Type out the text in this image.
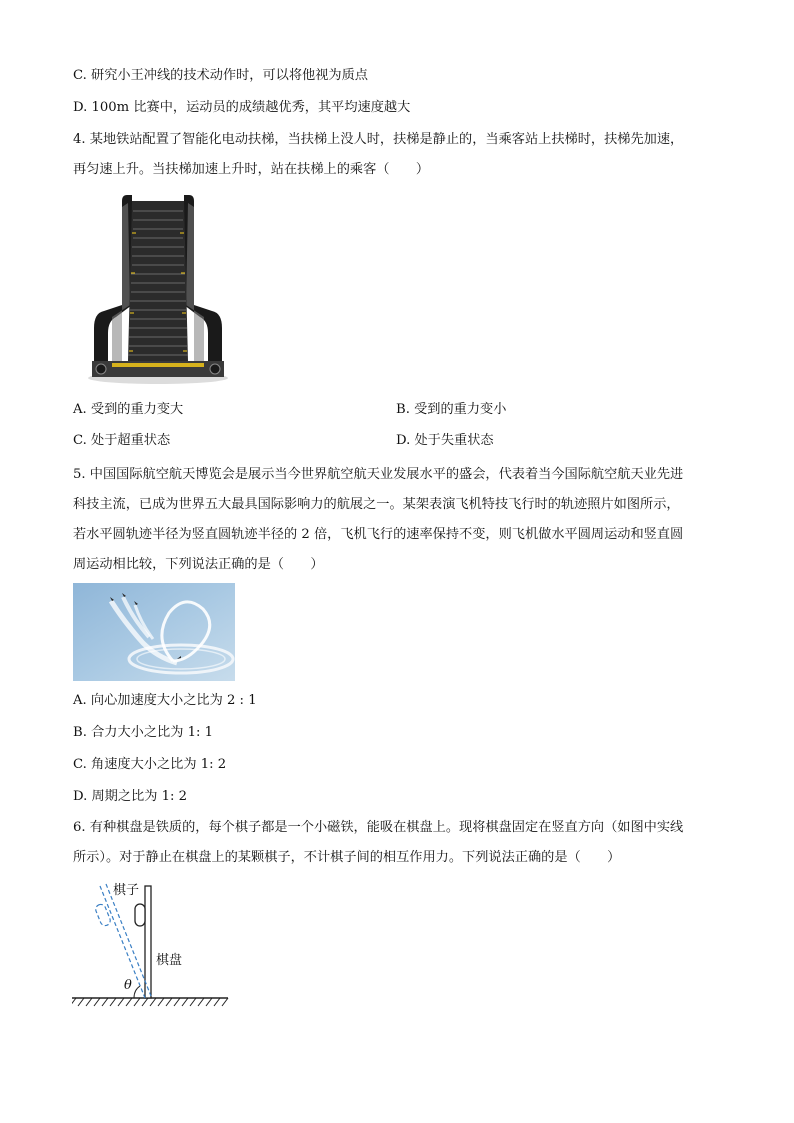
C. 研究小王冲线的技术动作时，可以将他视为质点
D. 100m 比赛中，运动员的成绩越优秀，其平均速度越大
4. 某地铁站配置了智能化电动扶梯，当扶梯上没人时，扶梯是静止的，当乘客站上扶梯时，扶梯先加速，
再匀速上升。当扶梯加速上升时，站在扶梯上的乘客（　　）
A. 受到的重力变大	B. 受到的重力变小
C. 处于超重状态	D. 处于失重状态
5. 中国国际航空航天博览会是展示当今世界航空航天业发展水平的盛会，代表着当今国际航空航天业先进
科技主流，已成为世界五大最具国际影响力的航展之一。某架表演飞机特技飞行时的轨迹照片如图所示，
若水平圆轨迹半径为竖直圆轨迹半径的 2 倍，飞机飞行的速率保持不变，则飞机做水平圆周运动和竖直圆
周运动相比较，下列说法正确的是（　　）
A. 向心加速度大小之比为 2 : 1
B. 合力大小之比为 1: 1
C. 角速度大小之比为 1: 2
D. 周期之比为 1: 2
6. 有种棋盘是铁质的，每个棋子都是一个小磁铁，能吸在棋盘上。现将棋盘固定在竖直方向（如图中实线
所示）。对于静止在棋盘上的某颗棋子，不计棋子间的相互作用力。下列说法正确的是（　　）
棋子
棋盘
θ
